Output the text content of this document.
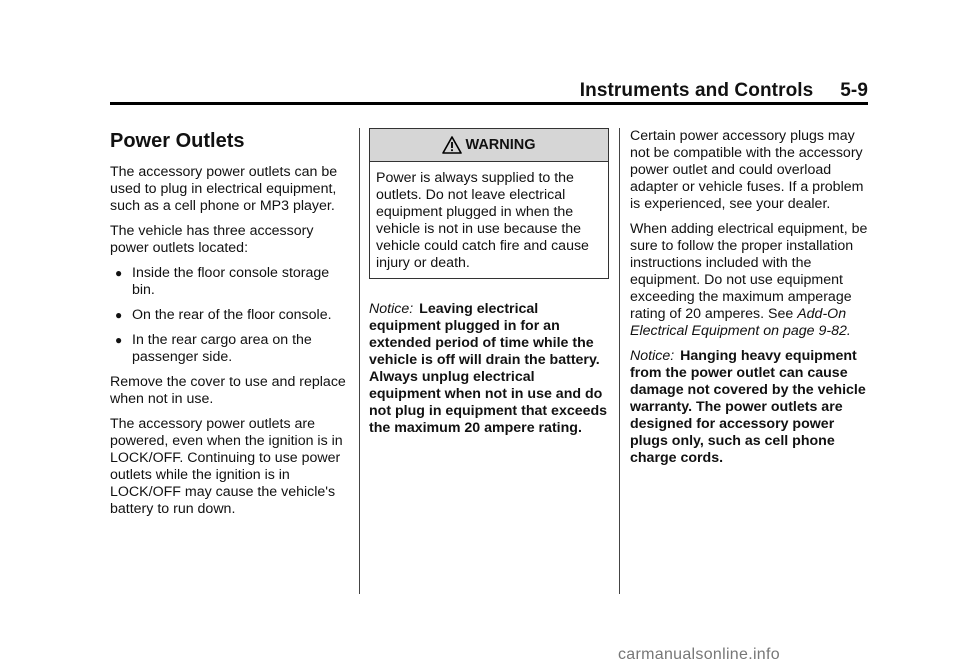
Instruments and Controls     5-9
Power Outlets

The accessory power outlets can be used to plug in electrical equipment, such as a cell phone or MP3 player.

The vehicle has three accessory power outlets located:

● Inside the floor console storage bin.
● On the rear of the floor console.
● In the rear cargo area on the passenger side.

Remove the cover to use and replace when not in use.

The accessory power outlets are powered, even when the ignition is in LOCK/OFF. Continuing to use power outlets while the ignition is in LOCK/OFF may cause the vehicle's battery to run down.

WARNING
Power is always supplied to the outlets. Do not leave electrical equipment plugged in when the vehicle is not in use because the vehicle could catch fire and cause injury or death.

Notice: Leaving electrical equipment plugged in for an extended period of time while the vehicle is off will drain the battery. Always unplug electrical equipment when not in use and do not plug in equipment that exceeds the maximum 20 ampere rating.

Certain power accessory plugs may not be compatible with the accessory power outlet and could overload adapter or vehicle fuses. If a problem is experienced, see your dealer.

When adding electrical equipment, be sure to follow the proper installation instructions included with the equipment. Do not use equipment exceeding the maximum amperage rating of 20 amperes. See Add-On Electrical Equipment on page 9-82.

Notice: Hanging heavy equipment from the power outlet can cause damage not covered by the vehicle warranty. The power outlets are designed for accessory power plugs only, such as cell phone charge cords.

carmanualsonline.info
